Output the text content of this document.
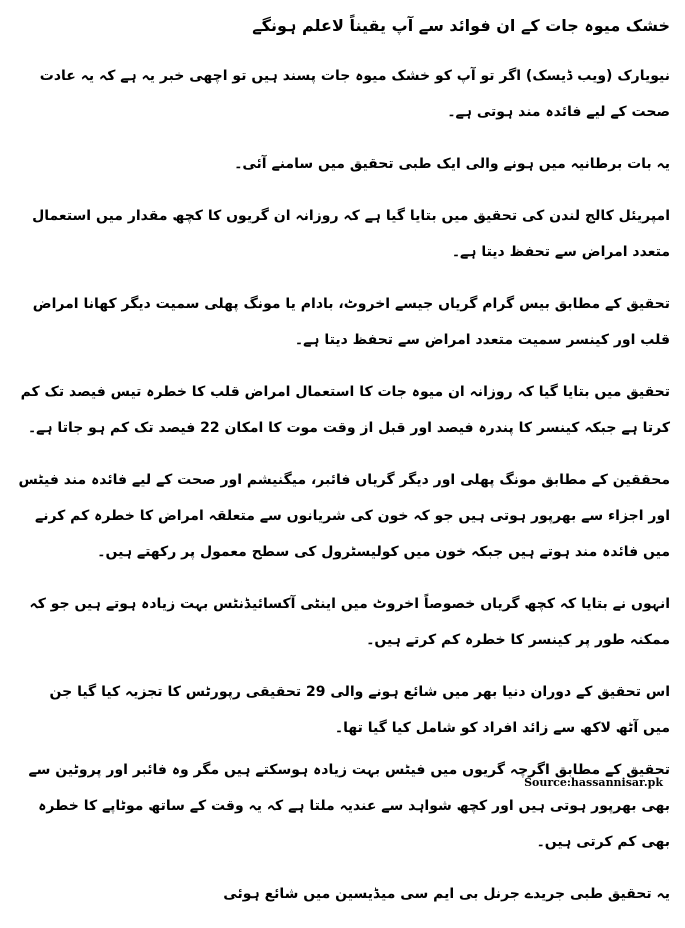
خشک میوہ جات کے ان فوائد سے آپ یقیناً لاعلم ہونگے

نیویارک (ویب ڈیسک) اگر تو آپ کو خشک میوہ جات پسند ہیں تو اچھی خبر یہ ہے کہ یہ عادت صحت کے لیے فائدہ مند ہوتی ہے۔

یہ بات برطانیہ میں ہونے والی ایک طبی تحقیق میں سامنے آئی۔

امپریئل کالج لندن کی تحقیق میں بتایا گیا ہے کہ روزانہ ان گریوں کا کچھ مقدار میں استعمال متعدد امراض سے تحفظ دیتا ہے۔

تحقیق کے مطابق بیس گرام گریاں جیسے اخروٹ، بادام یا مونگ پھلی سمیت دیگر کھانا امراض قلب اور کینسر سمیت متعدد امراض سے تحفظ دیتا ہے۔

تحقیق میں بتایا گیا کہ روزانہ ان میوہ جات کا استعمال امراض قلب کا خطرہ تیس فیصد تک کم کرتا ہے جبکہ کینسر کا پندرہ فیصد اور قبل از وقت موت کا امکان 22 فیصد تک کم ہو جاتا ہے۔

محققین کے مطابق مونگ پھلی اور دیگر گریاں فائبر، میگنیشم اور صحت کے لیے فائدہ مند فیٹس اور اجزاء سے بھرپور ہوتی ہیں جو کہ خون کی شریانوں سے متعلقہ امراض کا خطرہ کم کرنے میں فائدہ مند ہوتے ہیں جبکہ خون میں کولیسٹرول کی سطح معمول پر رکھتے ہیں۔

انہوں نے بتایا کہ کچھ گریاں خصوصاً اخروٹ میں اینٹی آکسائیڈنٹس بہت زیادہ ہوتے ہیں جو کہ ممکنہ طور پر کینسر کا خطرہ کم کرتے ہیں۔

اس تحقیق کے دوران دنیا بھر میں شائع ہونے والی 29 تحقیقی رپورٹس کا تجزیہ کیا گیا جن میں آٹھ لاکھ سے زائد افراد کو شامل کیا گیا تھا۔

تحقیق کے مطابق اگرچہ گریوں میں فیٹس بہت زیادہ ہوسکتے ہیں مگر وہ فائبر اور پروٹین سے بھی بھرپور ہوتی ہیں اور کچھ شواہد سے عندیہ ملتا ہے کہ یہ وقت کے ساتھ موٹاپے کا خطرہ بھی کم کرتی ہیں۔

یہ تحقیق طبی جریدے جرنل بی ایم سی میڈیسین میں شائع ہوئی

Source:hassannisar.pk
